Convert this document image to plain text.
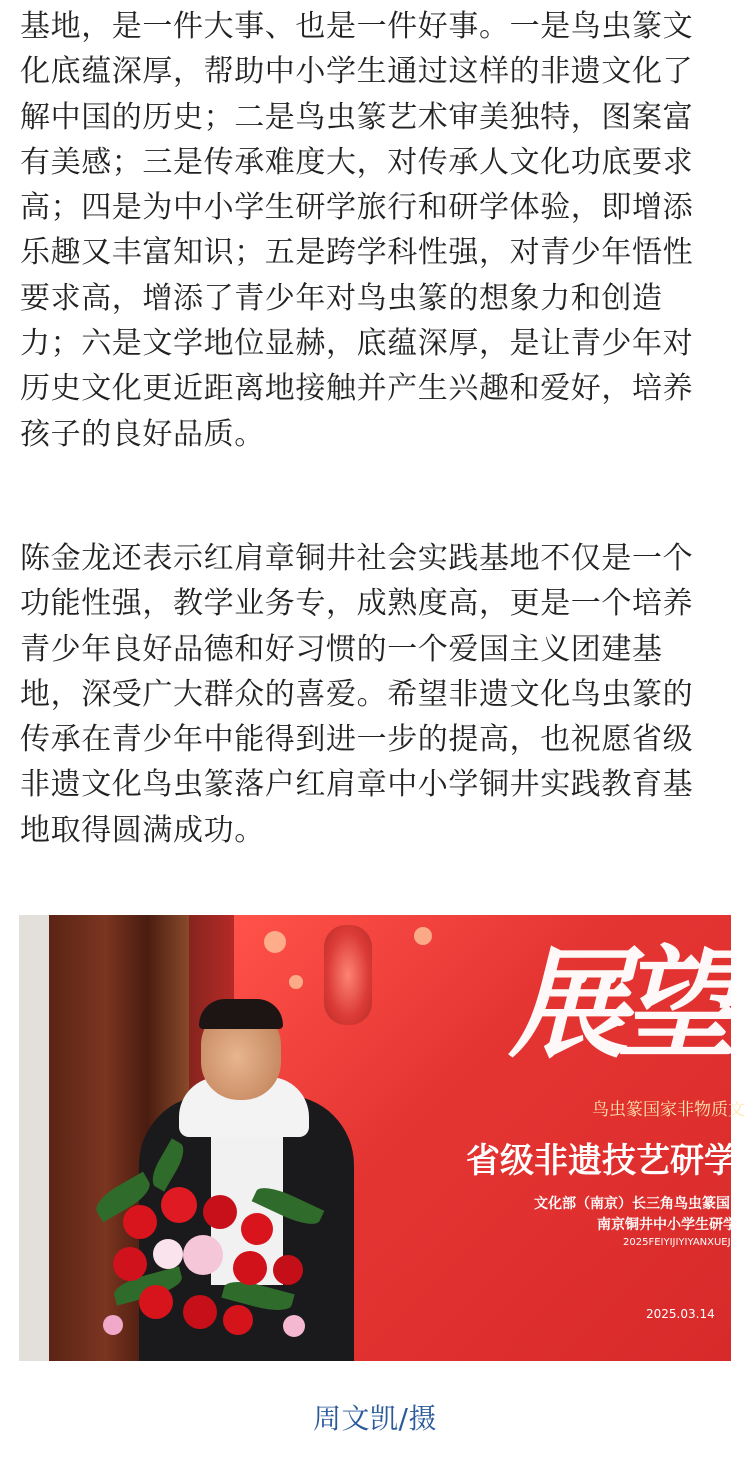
基地，是一件大事、也是一件好事。一是鸟虫篆文
化底蕴深厚，帮助中小学生通过这样的非遗文化了
解中国的历史；二是鸟虫篆艺术审美独特，图案富
有美感；三是传承难度大，对传承人文化功底要求
高；四是为中小学生研学旅行和研学体验，即增添
乐趣又丰富知识；五是跨学科性强，对青少年悟性
要求高，增添了青少年对鸟虫篆的想象力和创造
力；六是文学地位显赫，底蕴深厚，是让青少年对
历史文化更近距离地接触并产生兴趣和爱好，培养
孩子的良好品质。
陈金龙还表示红肩章铜井社会实践基地不仅是一个
功能性强，教学业务专，成熟度高，更是一个培养
青少年良好品德和好习惯的一个爱国主义团建基
地，深受广大群众的喜爱。希望非遗文化鸟虫篆的
传承在青少年中能得到进一步的提高，也祝愿省级
非遗文化鸟虫篆落户红肩章中小学铜井实践教育基
地取得圆满成功。
展望
鸟虫篆国家非物质文
省级非遗技艺研学
文化部（南京）长三角鸟虫篆国
南京铜井中小学生研学
2025FEIYIJIYIYANXUEJIDIS
2025.03.14
周文凯/摄
